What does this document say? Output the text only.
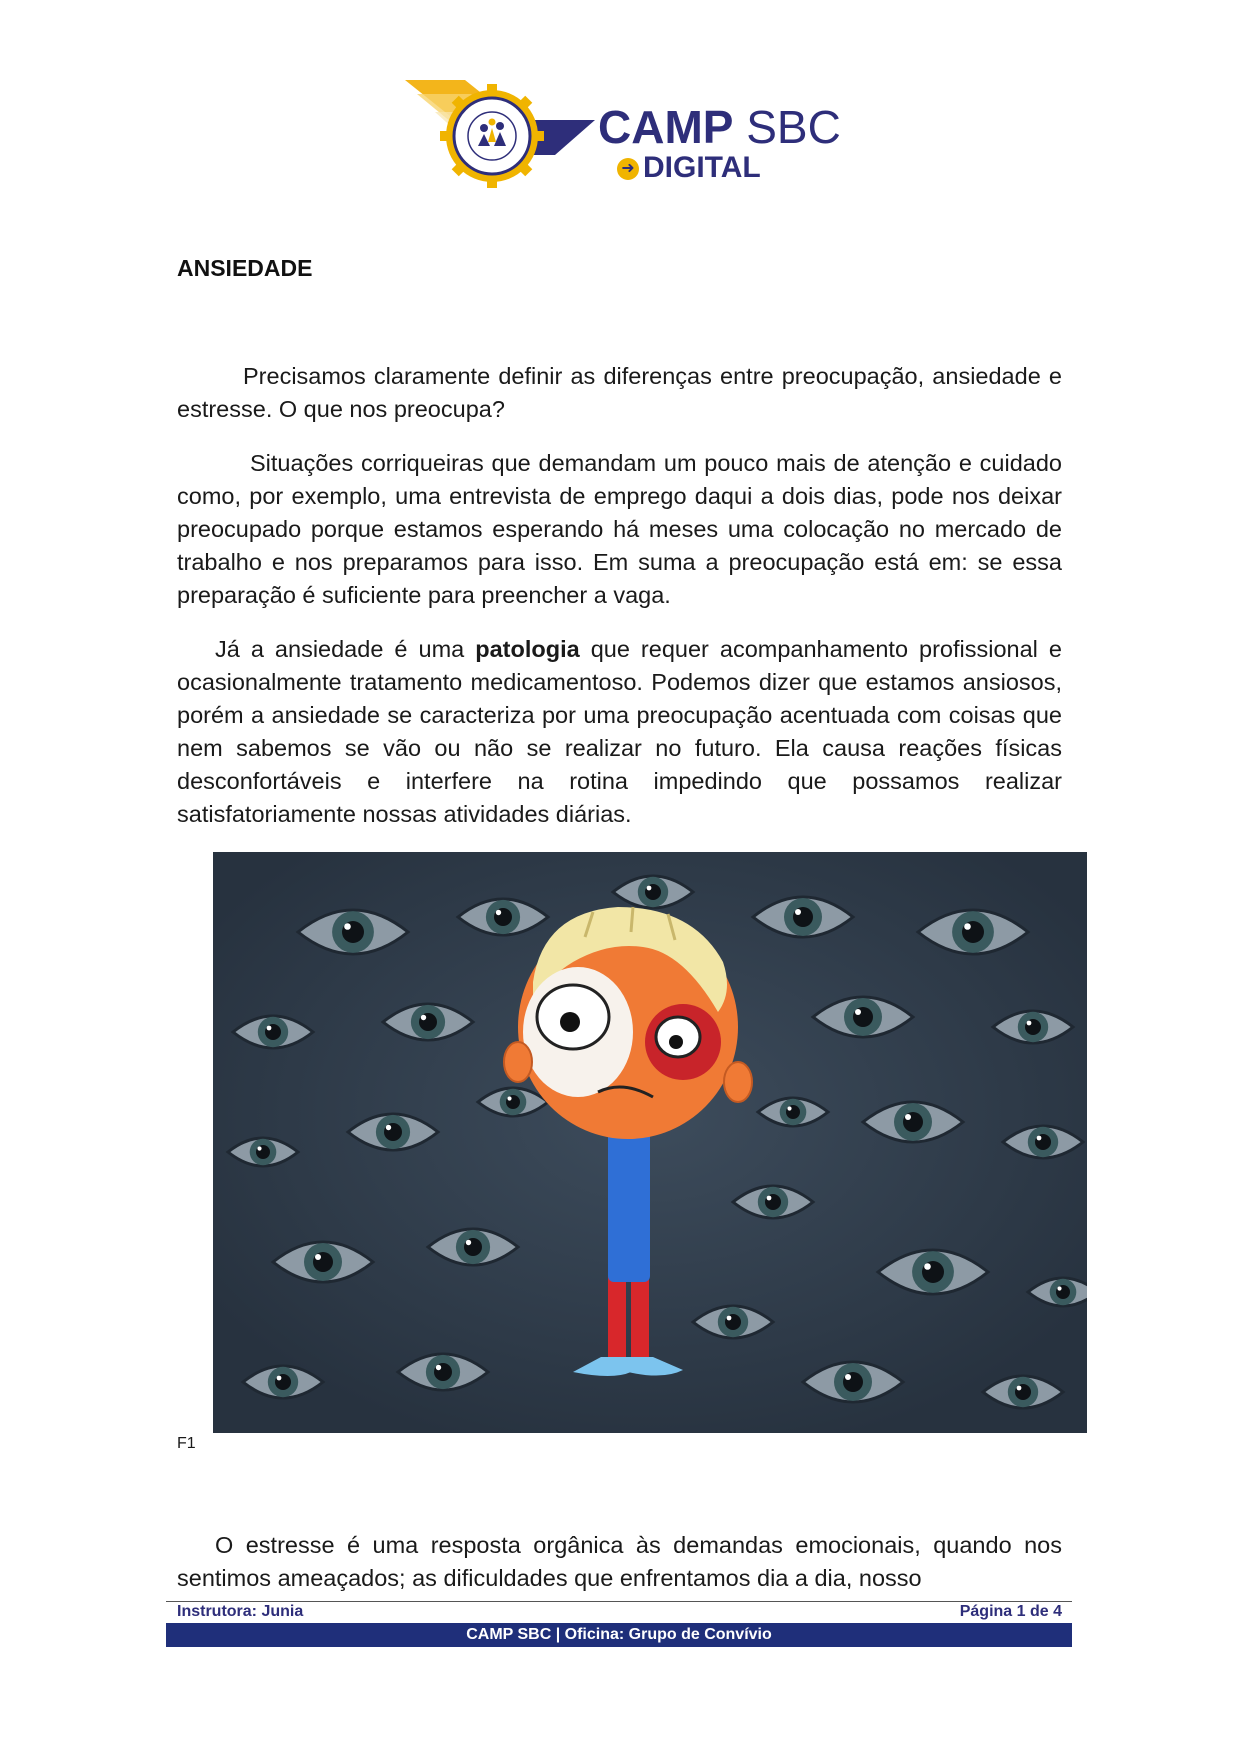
CAMP SBC
➜ DIGITAL
ANSIEDADE

Precisamos claramente definir as diferenças entre preocupação, ansiedade e estresse. O que nos preocupa?

Situações corriqueiras que demandam um pouco mais de atenção e cuidado como, por exemplo, uma entrevista de emprego daqui a dois dias, pode nos deixar preocupado porque estamos esperando há meses uma colocação no mercado de trabalho e nos preparamos para isso. Em suma a preocupação está em: se essa preparação é suficiente para preencher a vaga.

Já a ansiedade é uma patologia que requer acompanhamento profissional e ocasionalmente tratamento medicamentoso. Podemos dizer que estamos ansiosos, porém a ansiedade se caracteriza por uma preocupação acentuada com coisas que nem sabemos se vão ou não se realizar no futuro. Ela causa reações físicas desconfortáveis e interfere na rotina impedindo que possamos realizar satisfatoriamente nossas atividades diárias.

F1

O estresse é uma resposta orgânica às demandas emocionais, quando nos sentimos ameaçados; as dificuldades que enfrentamos dia a dia, nosso

Instrutora: Junia	Página 1 de 4
CAMP SBC | Oficina: Grupo de Convívio
